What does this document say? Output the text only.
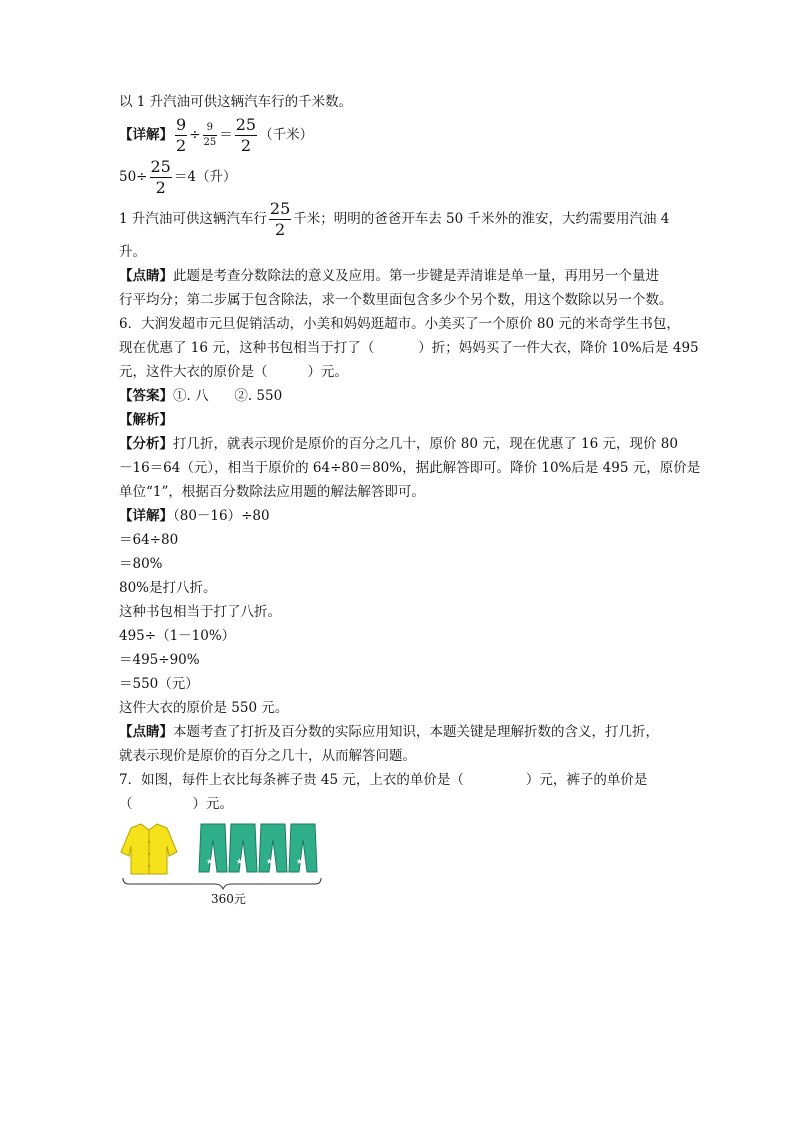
以 1 升汽油可供这辆汽车行的千米数。

【详解】 $\frac{9}{2} \div \frac{9}{25} = \frac{25}{2}$ （千米）

$50\div \frac{25}{2} =4$（升）

1 升汽油可供这辆汽车行 $\frac{25}{2}$ 千米；明明的爸爸开车去 50 千米外的淮安，大约需要用汽油 4

升。

【点睛】此题是考查分数除法的意义及应用。第一步键是弄清谁是单一量，再用另一个量进

行平均分；第二步属于包含除法，求一个数里面包含多少个另个数，用这个数除以另一个数。

6．大润发超市元旦促销活动，小美和妈妈逛超市。小美买了一个原价 80 元的米奇学生书包，

现在优惠了 16 元，这种书包相当于打了（	）折；妈妈买了一件大衣，降价 10%后是 495

元，这件大衣的原价是（	）元。

【答案】①. 八      ②. 550

【解析】

【分析】打几折，就表示现价是原价的百分之几十，原价 80 元，现在优惠了 16 元，现价 80

－16＝64（元），相当于原价的 64÷80＝80%，据此解答即可。降价 10%后是 495 元，原价是

单位“1”，根据百分数除法应用题的解法解答即可。

【详解】（80－16）÷80

＝64÷80

＝80%

80%是打八折。

这种书包相当于打了八折。

495÷（1－10%）

＝495÷90%

＝550（元）

这件大衣的原价是 550 元。

【点睛】本题考查了打折及百分数的实际应用知识，本题关键是理解折数的含义，打几折，

就表示现价是原价的百分之几十，从而解答问题。

7．如图，每件上衣比每条裤子贵 45 元，上衣的单价是（	）元，裤子的单价是

（	）元。

★	★	★	★
360元
